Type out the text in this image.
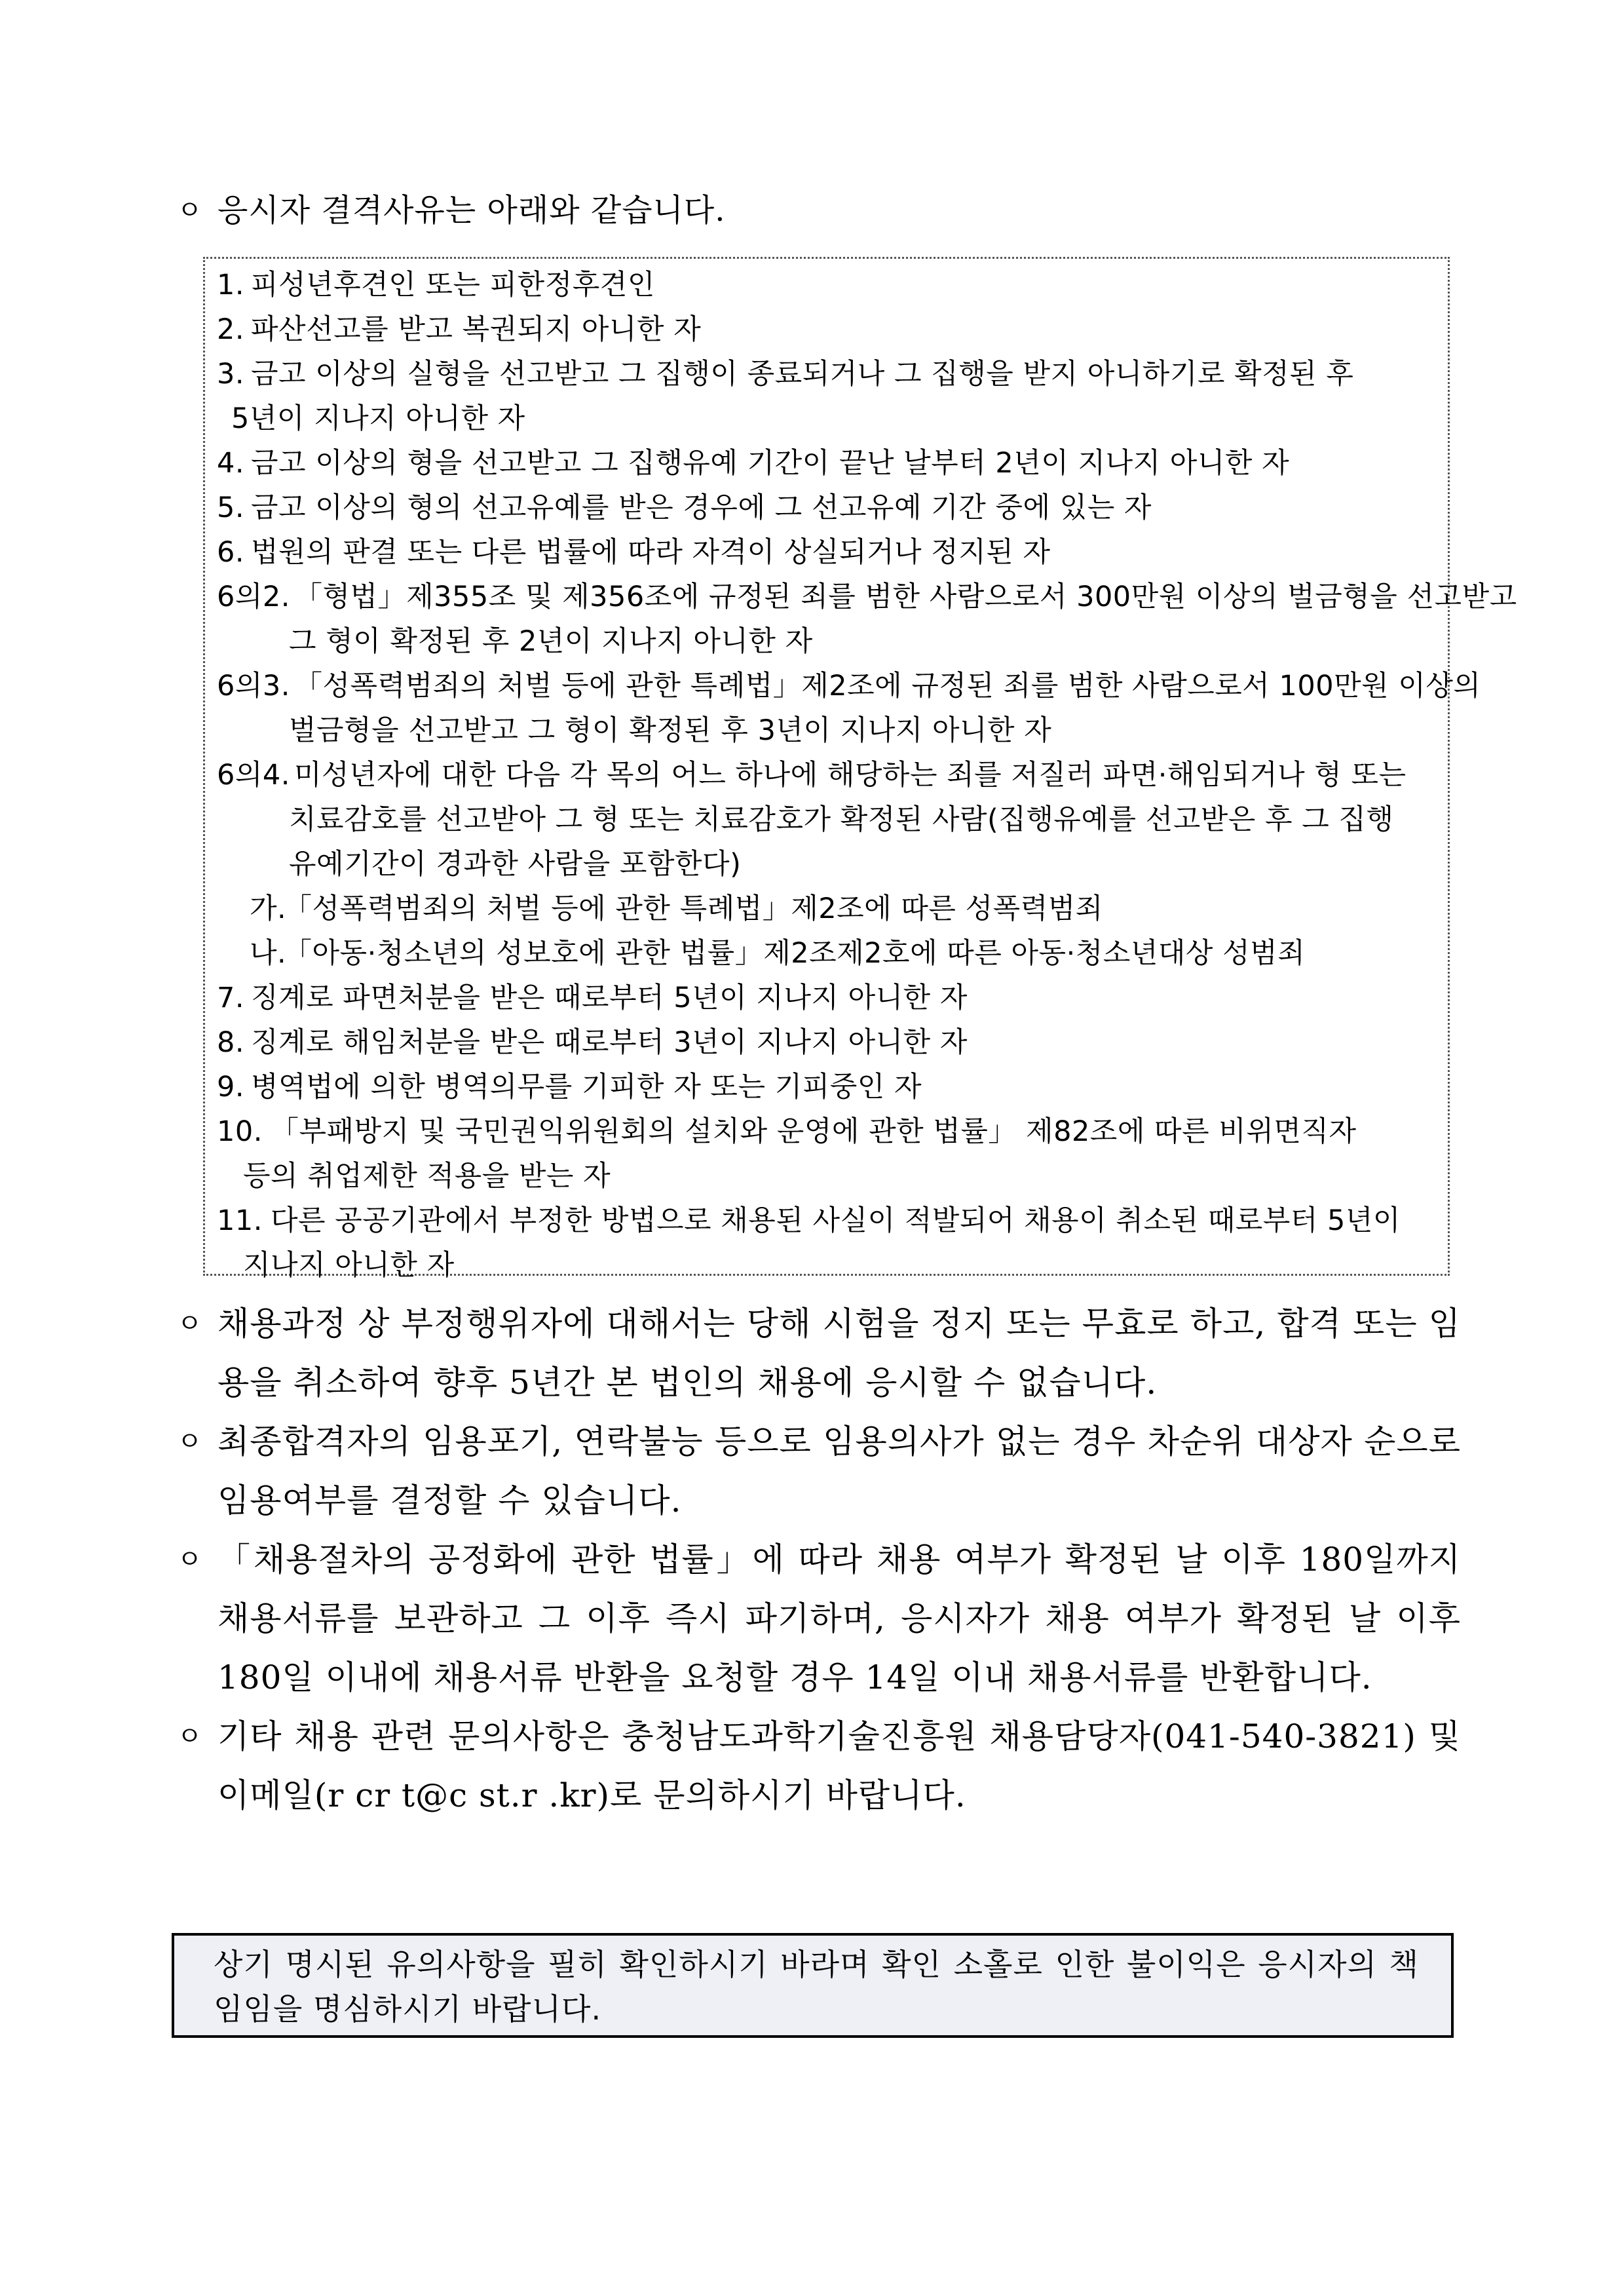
ㅇ 응시자 결격사유는 아래와 같습니다.
1. 피성년후견인 또는 피한정후견인
2. 파산선고를 받고 복권되지 아니한 자
3. 금고 이상의 실형을 선고받고 그 집행이 종료되거나 그 집행을 받지 아니하기로 확정된 후
5년이 지나지 아니한 자
4. 금고 이상의 형을 선고받고 그 집행유예 기간이 끝난 날부터 2년이 지나지 아니한 자
5. 금고 이상의 형의 선고유예를 받은 경우에 그 선고유예 기간 중에 있는 자
6. 법원의 판결 또는 다른 법률에 따라 자격이 상실되거나 정지된 자
6의2. 「형법」제355조 및 제356조에 규정된 죄를 범한 사람으로서 300만원 이상의 벌금형을 선고받고
그 형이 확정된 후 2년이 지나지 아니한 자
6의3. 「성폭력범죄의 처벌 등에 관한 특례법」제2조에 규정된 죄를 범한 사람으로서 100만원 이상의
벌금형을 선고받고 그 형이 확정된 후 3년이 지나지 아니한 자
6의4. 미성년자에 대한 다음 각 목의 어느 하나에 해당하는 죄를 저질러 파면·해임되거나 형 또는
치료감호를 선고받아 그 형 또는 치료감호가 확정된 사람(집행유예를 선고받은 후 그 집행
유예기간이 경과한 사람을 포함한다)
가.
「성폭력범죄의 처벌 등에 관한 특례법」제2조에 따른 성폭력범죄
나.
「아동·청소년의 성보호에 관한 법률」제2조제2호에 따른 아동·청소년대상 성범죄
7. 징계로 파면처분을 받은 때로부터 5년이 지나지 아니한 자
8. 징계로 해임처분을 받은 때로부터 3년이 지나지 아니한 자
9. 병역법에 의한 병역의무를 기피한 자 또는 기피중인 자
10. 「부패방지 및 국민권익위원회의 설치와 운영에 관한 법률」 제82조에 따른 비위면직자
등의 취업제한 적용을 받는 자
11. 다른 공공기관에서 부정한 방법으로 채용된 사실이 적발되어 채용이 취소된 때로부터 5년이
지나지 아니한 자
ㅇ 채용과정 상 부정행위자에 대해서는 당해 시험을 정지 또는 무효로 하고, 합격 또는 임용을 취소하여 향후 5년간 본 법인의 채용에 응시할 수 없습니다.
ㅇ 최종합격자의 임용포기, 연락불능 등으로 임용의사가 없는 경우 차순위 대상자 순으로 임용여부를 결정할 수 있습니다.
ㅇ 「채용절차의 공정화에 관한 법률」에 따라 채용 여부가 확정된 날 이후 180일까지 채용서류를 보관하고 그 이후 즉시 파기하며, 응시자가 채용 여부가 확정된 날 이후 180일 이내에 채용서류 반환을 요청할 경우 14일 이내 채용서류를 반환합니다.
ㅇ 기타 채용 관련 문의사항은 충청남도과학기술진흥원 채용담당자(041-540-3821) 및 이메일(r cr t@c st.r .kr)로 문의하시기 바랍니다.
상기 명시된 유의사항을 필히 확인하시기 바라며 확인 소홀로 인한 불이익은 응시자의 책임임을 명심하시기 바랍니다.
